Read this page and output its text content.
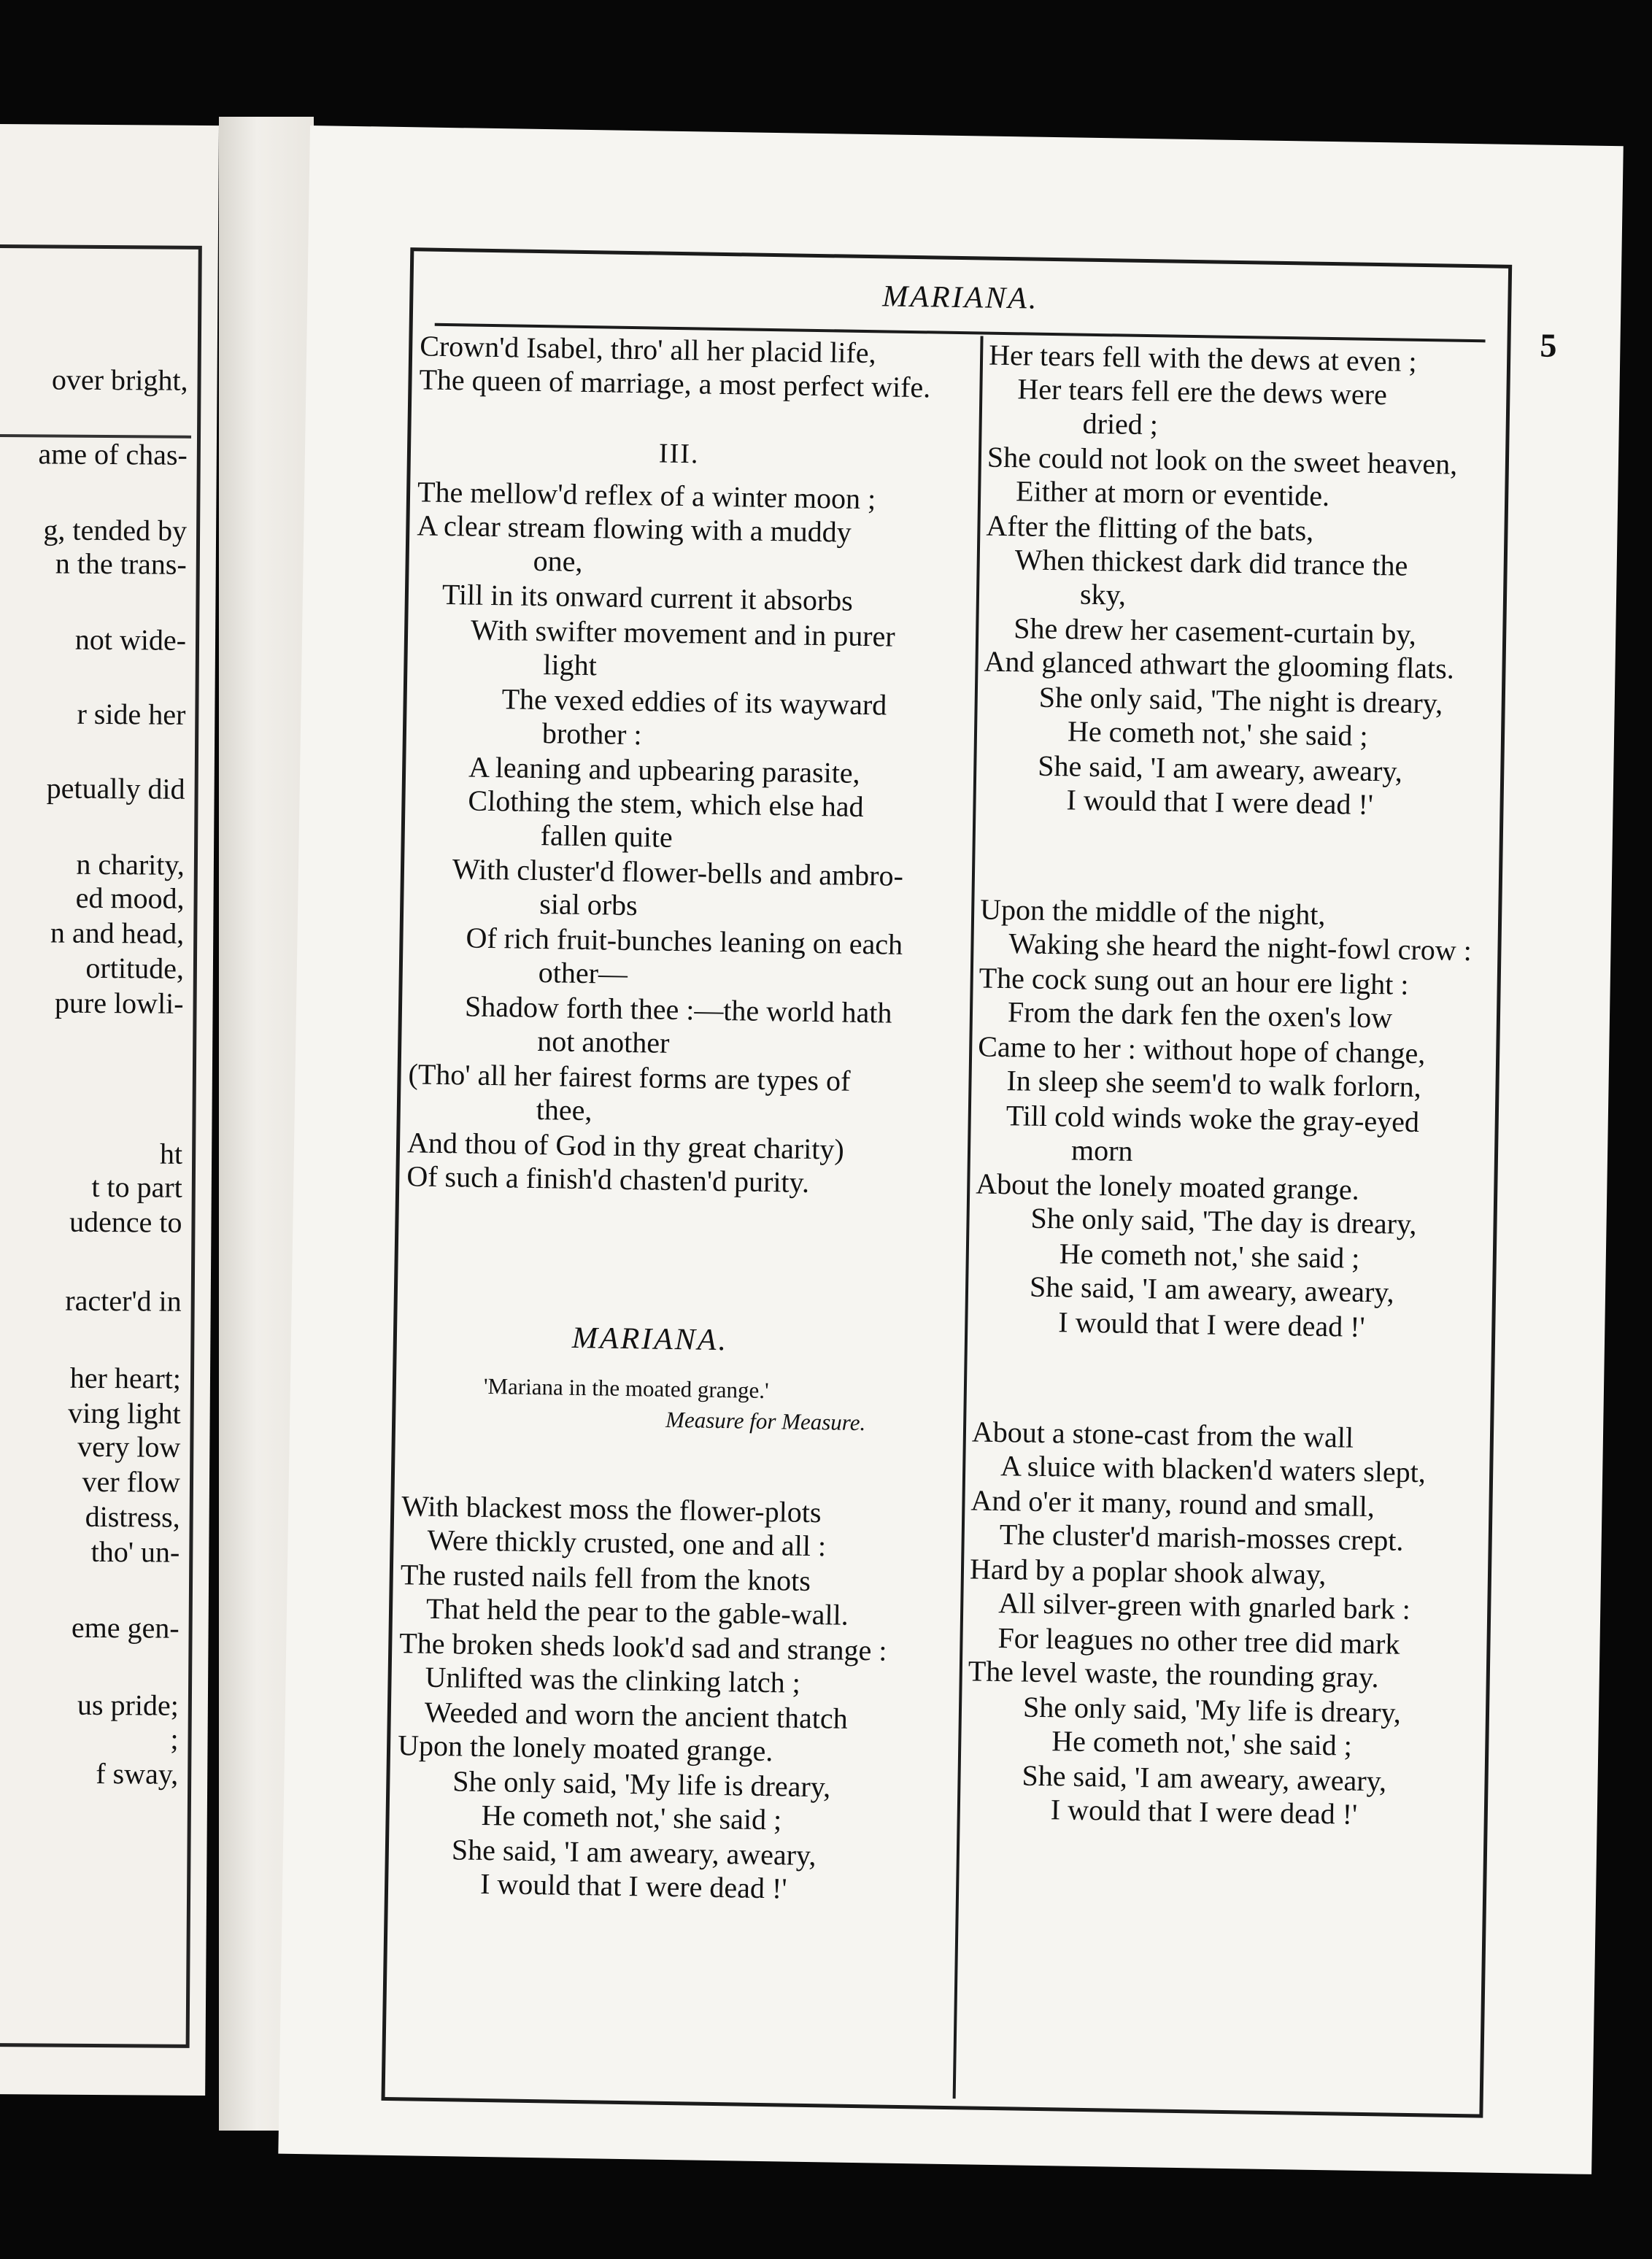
over bright,
ame of chas-
g, tended by
n the trans-
not wide-
r side her
petually did
n charity,
ed mood,
n and head,
ortitude,
pure lowli-
ht
t to part
udence to
racter'd in
her heart;
ving light
very low
ver flow
distress,
tho' un-
eme gen-
us pride;
;
f sway,
MARIANA.
5
III.
MARIANA.
'Mariana in the moated grange.'
Measure for Measure.
Crown'd Isabel, thro' all her placid life,
The queen of marriage, a most perfect wife.
The mellow'd reflex of a winter moon ;
A clear stream flowing with a muddy
one,
Till in its onward current it absorbs
With swifter movement and in purer
light
The vexed eddies of its wayward
brother :
A leaning and upbearing parasite,
Clothing the stem, which else had
fallen quite
With cluster'd flower-bells and ambro-
sial orbs
Of rich fruit-bunches leaning on each
other—
Shadow forth thee :—the world hath
not another
(Tho' all her fairest forms are types of
thee,
And thou of God in thy great charity)
Of such a finish'd chasten'd purity.
With blackest moss the flower-plots
Were thickly crusted, one and all :
The rusted nails fell from the knots
That held the pear to the gable-wall.
The broken sheds look'd sad and strange :
Unlifted was the clinking latch ;
Weeded and worn the ancient thatch
Upon the lonely moated grange.
She only said, 'My life is dreary,
He cometh not,' she said ;
She said, 'I am aweary, aweary,
I would that I were dead !'
Her tears fell with the dews at even ;
Her tears fell ere the dews were
dried ;
She could not look on the sweet heaven,
Either at morn or eventide.
After the flitting of the bats,
When thickest dark did trance the
sky,
She drew her casement-curtain by,
And glanced athwart the glooming flats.
She only said, 'The night is dreary,
He cometh not,' she said ;
She said, 'I am aweary, aweary,
I would that I were dead !'
Upon the middle of the night,
Waking she heard the night-fowl crow :
The cock sung out an hour ere light :
From the dark fen the oxen's low
Came to her : without hope of change,
In sleep she seem'd to walk forlorn,
Till cold winds woke the gray-eyed
morn
About the lonely moated grange.
She only said, 'The day is dreary,
He cometh not,' she said ;
She said, 'I am aweary, aweary,
I would that I were dead !'
About a stone-cast from the wall
A sluice with blacken'd waters slept,
And o'er it many, round and small,
The cluster'd marish-mosses crept.
Hard by a poplar shook alway,
All silver-green with gnarled bark :
For leagues no other tree did mark
The level waste, the rounding gray.
She only said, 'My life is dreary,
He cometh not,' she said ;
She said, 'I am aweary, aweary,
I would that I were dead !'
